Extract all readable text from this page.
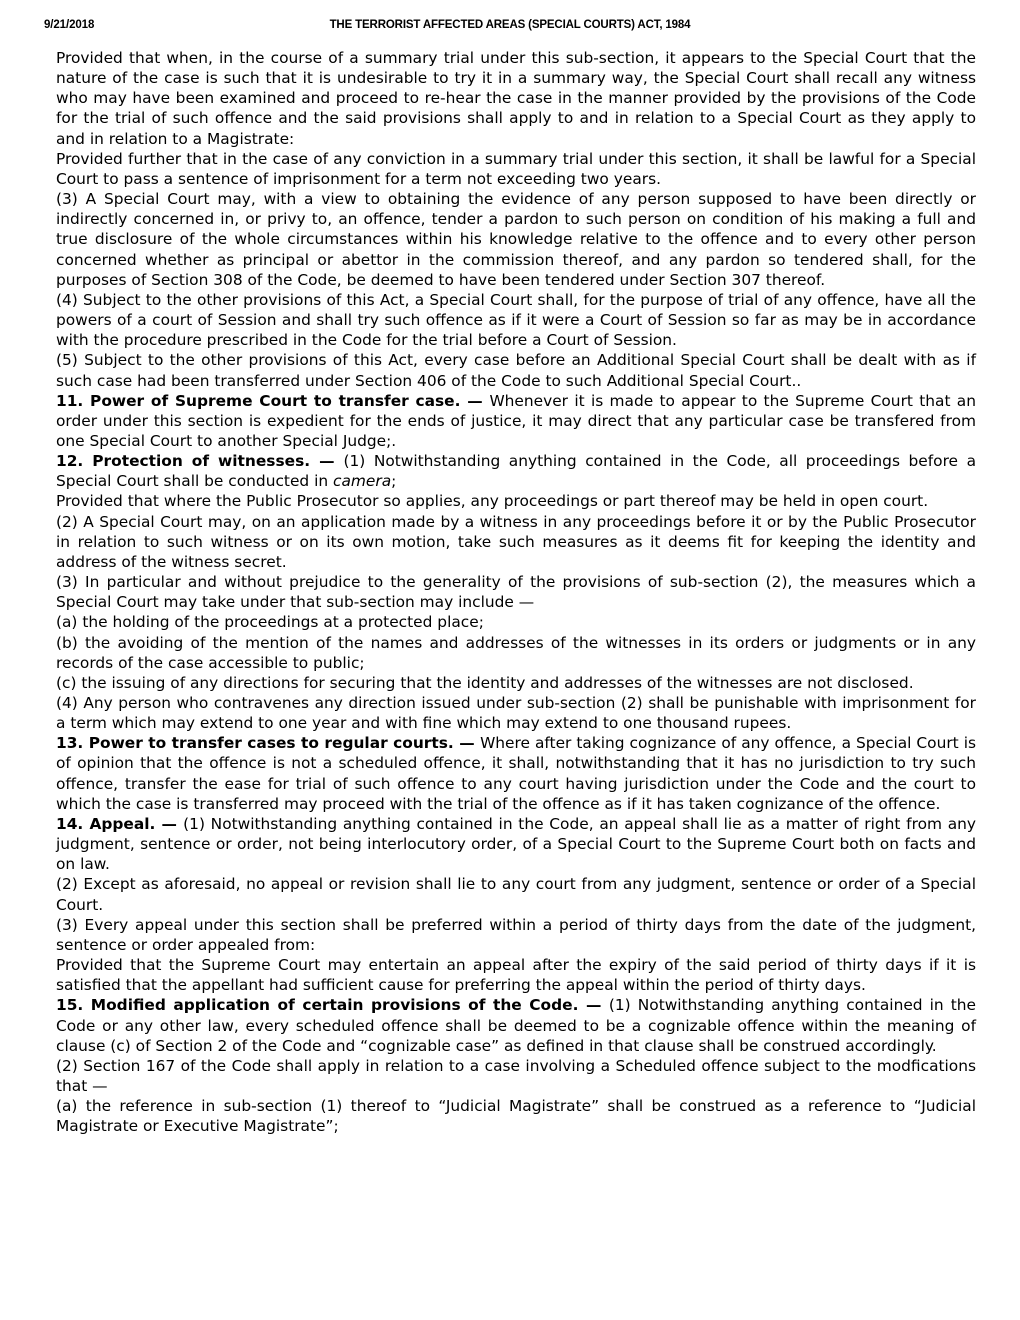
9/21/2018	THE TERRORIST AFFECTED AREAS (SPECIAL COURTS) ACT, 1984

Provided that when, in the course of a summary trial under this sub-section, it appears to the Special Court that the nature of the case is such that it is undesirable to try it in a summary way, the Special Court shall recall any witness who may have been examined and proceed to re-hear the case in the manner provided by the provisions of the Code for the trial of such offence and the said provisions shall apply to and in relation to a Special Court as they apply to and in relation to a Magistrate:

Provided further that in the case of any conviction in a summary trial under this section, it shall be lawful for a Special Court to pass a sentence of imprisonment for a term not exceeding two years.

(3) A Special Court may, with a view to obtaining the evidence of any person supposed to have been directly or indirectly concerned in, or privy to, an offence, tender a pardon to such person on condition of his making a full and true disclosure of the whole circumstances within his knowledge relative to the offence and to every other person concerned whether as principal or abettor in the commission thereof, and any pardon so tendered shall, for the purposes of Section 308 of the Code, be deemed to have been tendered under Section 307 thereof.

(4) Subject to the other provisions of this Act, a Special Court shall, for the purpose of trial of any offence, have all the powers of a court of Session and shall try such offence as if it were a Court of Session so far as may be in accordance with the procedure prescribed in the Code for the trial before a Court of Session.

(5) Subject to the other provisions of this Act, every case before an Additional Special Court shall be dealt with as if such case had been transferred under Section 406 of the Code to such Additional Special Court..

11. Power of Supreme Court to transfer case. — Whenever it is made to appear to the Supreme Court that an order under this section is expedient for the ends of justice, it may direct that any particular case be transfered from one Special Court to another Special Judge;.

12. Protection of witnesses. — (1) Notwithstanding anything contained in the Code, all proceedings before a Special Court shall be conducted in camera;

Provided that where the Public Prosecutor so applies, any proceedings or part thereof may be held in open court.

(2) A Special Court may, on an application made by a witness in any proceedings before it or by the Public Prosecutor in relation to such witness or on its own motion, take such measures as it deems fit for keeping the identity and address of the witness secret.

(3) In particular and without prejudice to the generality of the provisions of sub-section (2), the measures which a Special Court may take under that sub-section may include —

(a) the holding of the proceedings at a protected place;

(b) the avoiding of the mention of the names and addresses of the witnesses in its orders or judgments or in any records of the case accessible to public;

(c) the issuing of any directions for securing that the identity and addresses of the witnesses are not disclosed.

(4) Any person who contravenes any direction issued under sub-section (2) shall be punishable with imprisonment for a term which may extend to one year and with fine which may extend to one thousand rupees.

13. Power to transfer cases to regular courts. — Where after taking cognizance of any offence, a Special Court is of opinion that the offence is not a scheduled offence, it shall, notwithstanding that it has no jurisdiction to try such offence, transfer the ease for trial of such offence to any court having jurisdiction under the Code and the court to which the case is transferred may proceed with the trial of the offence as if it has taken cognizance of the offence.

14. Appeal. — (1) Notwithstanding anything contained in the Code, an appeal shall lie as a matter of right from any judgment, sentence or order, not being interlocutory order, of a Special Court to the Supreme Court both on facts and on law.

(2) Except as aforesaid, no appeal or revision shall lie to any court from any judgment, sentence or order of a Special Court.

(3) Every appeal under this section shall be preferred within a period of thirty days from the date of the judgment, sentence or order appealed from:

Provided that the Supreme Court may entertain an appeal after the expiry of the said period of thirty days if it is satisfied that the appellant had sufficient cause for preferring the appeal within the period of thirty days.

15. Modified application of certain provisions of the Code. — (1) Notwithstanding anything contained in the Code or any other law, every scheduled offence shall be deemed to be a cognizable offence within the meaning of clause (c) of Section 2 of the Code and “cognizable case” as defined in that clause shall be construed accordingly.

(2) Section 167 of the Code shall apply in relation to a case involving a Scheduled offence subject to the modfications that —

(a) the reference in sub-section (1) thereof to “Judicial Magistrate” shall be construed as a reference to “Judicial Magistrate or Executive Magistrate”;
